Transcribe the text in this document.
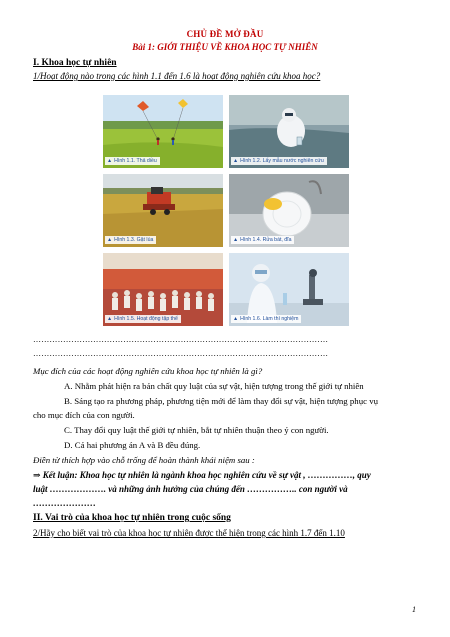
CHỦ ĐỀ MỞ ĐẦU
Bài 1: GIỚI THIỆU VỀ KHOA HỌC TỰ NHIÊN
I. Khoa học tự nhiên
1/Hoạt động nào trong các hình 1.1 đến 1.6 là hoạt động nghiên cứu khoa học?
▲ Hình 1.1. Thả diều	▲ Hình 1.2. Lấy mẫu nước nghiên cứu
▲ Hình 1.3. Gặt lúa	▲ Hình 1.4. Rửa bát, đĩa
▲ Hình 1.5. Hoạt động tập thể	▲ Hình 1.6. Làm thí nghiệm
………………………………………………………………………………………………
………………………………………………………………………………………………
Mục đích của các hoạt động nghiên cứu khoa học tự nhiên là gì?
A. Nhằm phát hiện ra bản chất quy luật của sự vật, hiện tượng trong thế giới tự nhiên
B. Sáng tạo ra phương pháp, phương tiện mới để làm thay đổi sự vật, hiện tượng phục vụ
cho mục đích của con người.
C. Thay đổi quy luật thế giới tự nhiên, bắt tự nhiên thuận theo ý con người.
D. Cả hai phương án A và B đều đúng.
Điền từ thích hợp vào chỗ trống để hoàn thành khái niệm sau :
⇒ Kết luận: Khoa học tự nhiên là ngành khoa học nghiên cứu về sự vật , ……………, quy
luật ………………. và những ảnh hưởng của chúng đến …………….. con người và
…………………
II. Vai trò của khoa học tự nhiên trong cuộc sống
2/Hãy cho biết vai trò của khoa học tự nhiên được thể hiện trong các hình 1.7 đến 1.10
1
